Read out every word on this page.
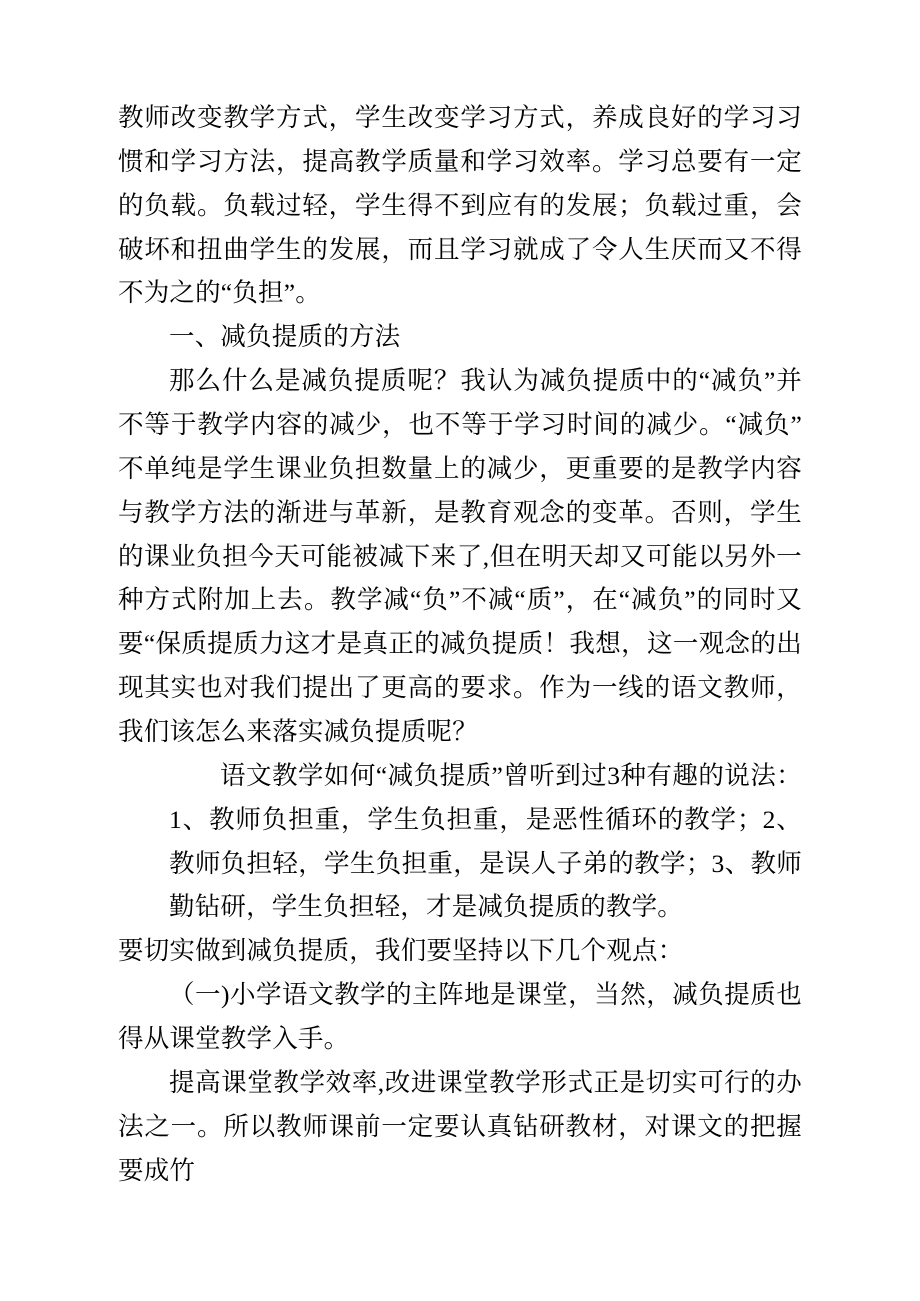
教师改变教学方式，学生改变学习方式，养成良好的学习习惯和学习方法，提高教学质量和学习效率。学习总要有一定的负载。负载过轻，学生得不到应有的发展；负载过重，会破坏和扭曲学生的发展，而且学习就成了令人生厌而又不得不为之的“负担”。

一、减负提质的方法

那么什么是减负提质呢？我认为减负提质中的“减负”并不等于教学内容的减少，也不等于学习时间的减少。“减负”不单纯是学生课业负担数量上的减少，更重要的是教学内容与教学方法的渐进与革新，是教育观念的变革。否则，学生的课业负担今天可能被减下来了,但在明天却又可能以另外一种方式附加上去。教学减“负”不减“质”，在“减负”的同时又要“保质提质力这才是真正的减负提质！我想，这一观念的出现其实也对我们提出了更高的要求。作为一线的语文教师，我们该怎么来落实减负提质呢？

语文教学如何“减负提质”曾听到过3种有趣的说法：1、教师负担重，学生负担重，是恶性循环的教学；2、教师负担轻，学生负担重，是误人子弟的教学；3、教师勤钻研，学生负担轻，才是减负提质的教学。

要切实做到减负提质，我们要坚持以下几个观点：

（一)小学语文教学的主阵地是课堂，当然，减负提质也得从课堂教学入手。

提高课堂教学效率,改进课堂教学形式正是切实可行的办法之一。所以教师课前一定要认真钻研教材，对课文的把握要成竹
